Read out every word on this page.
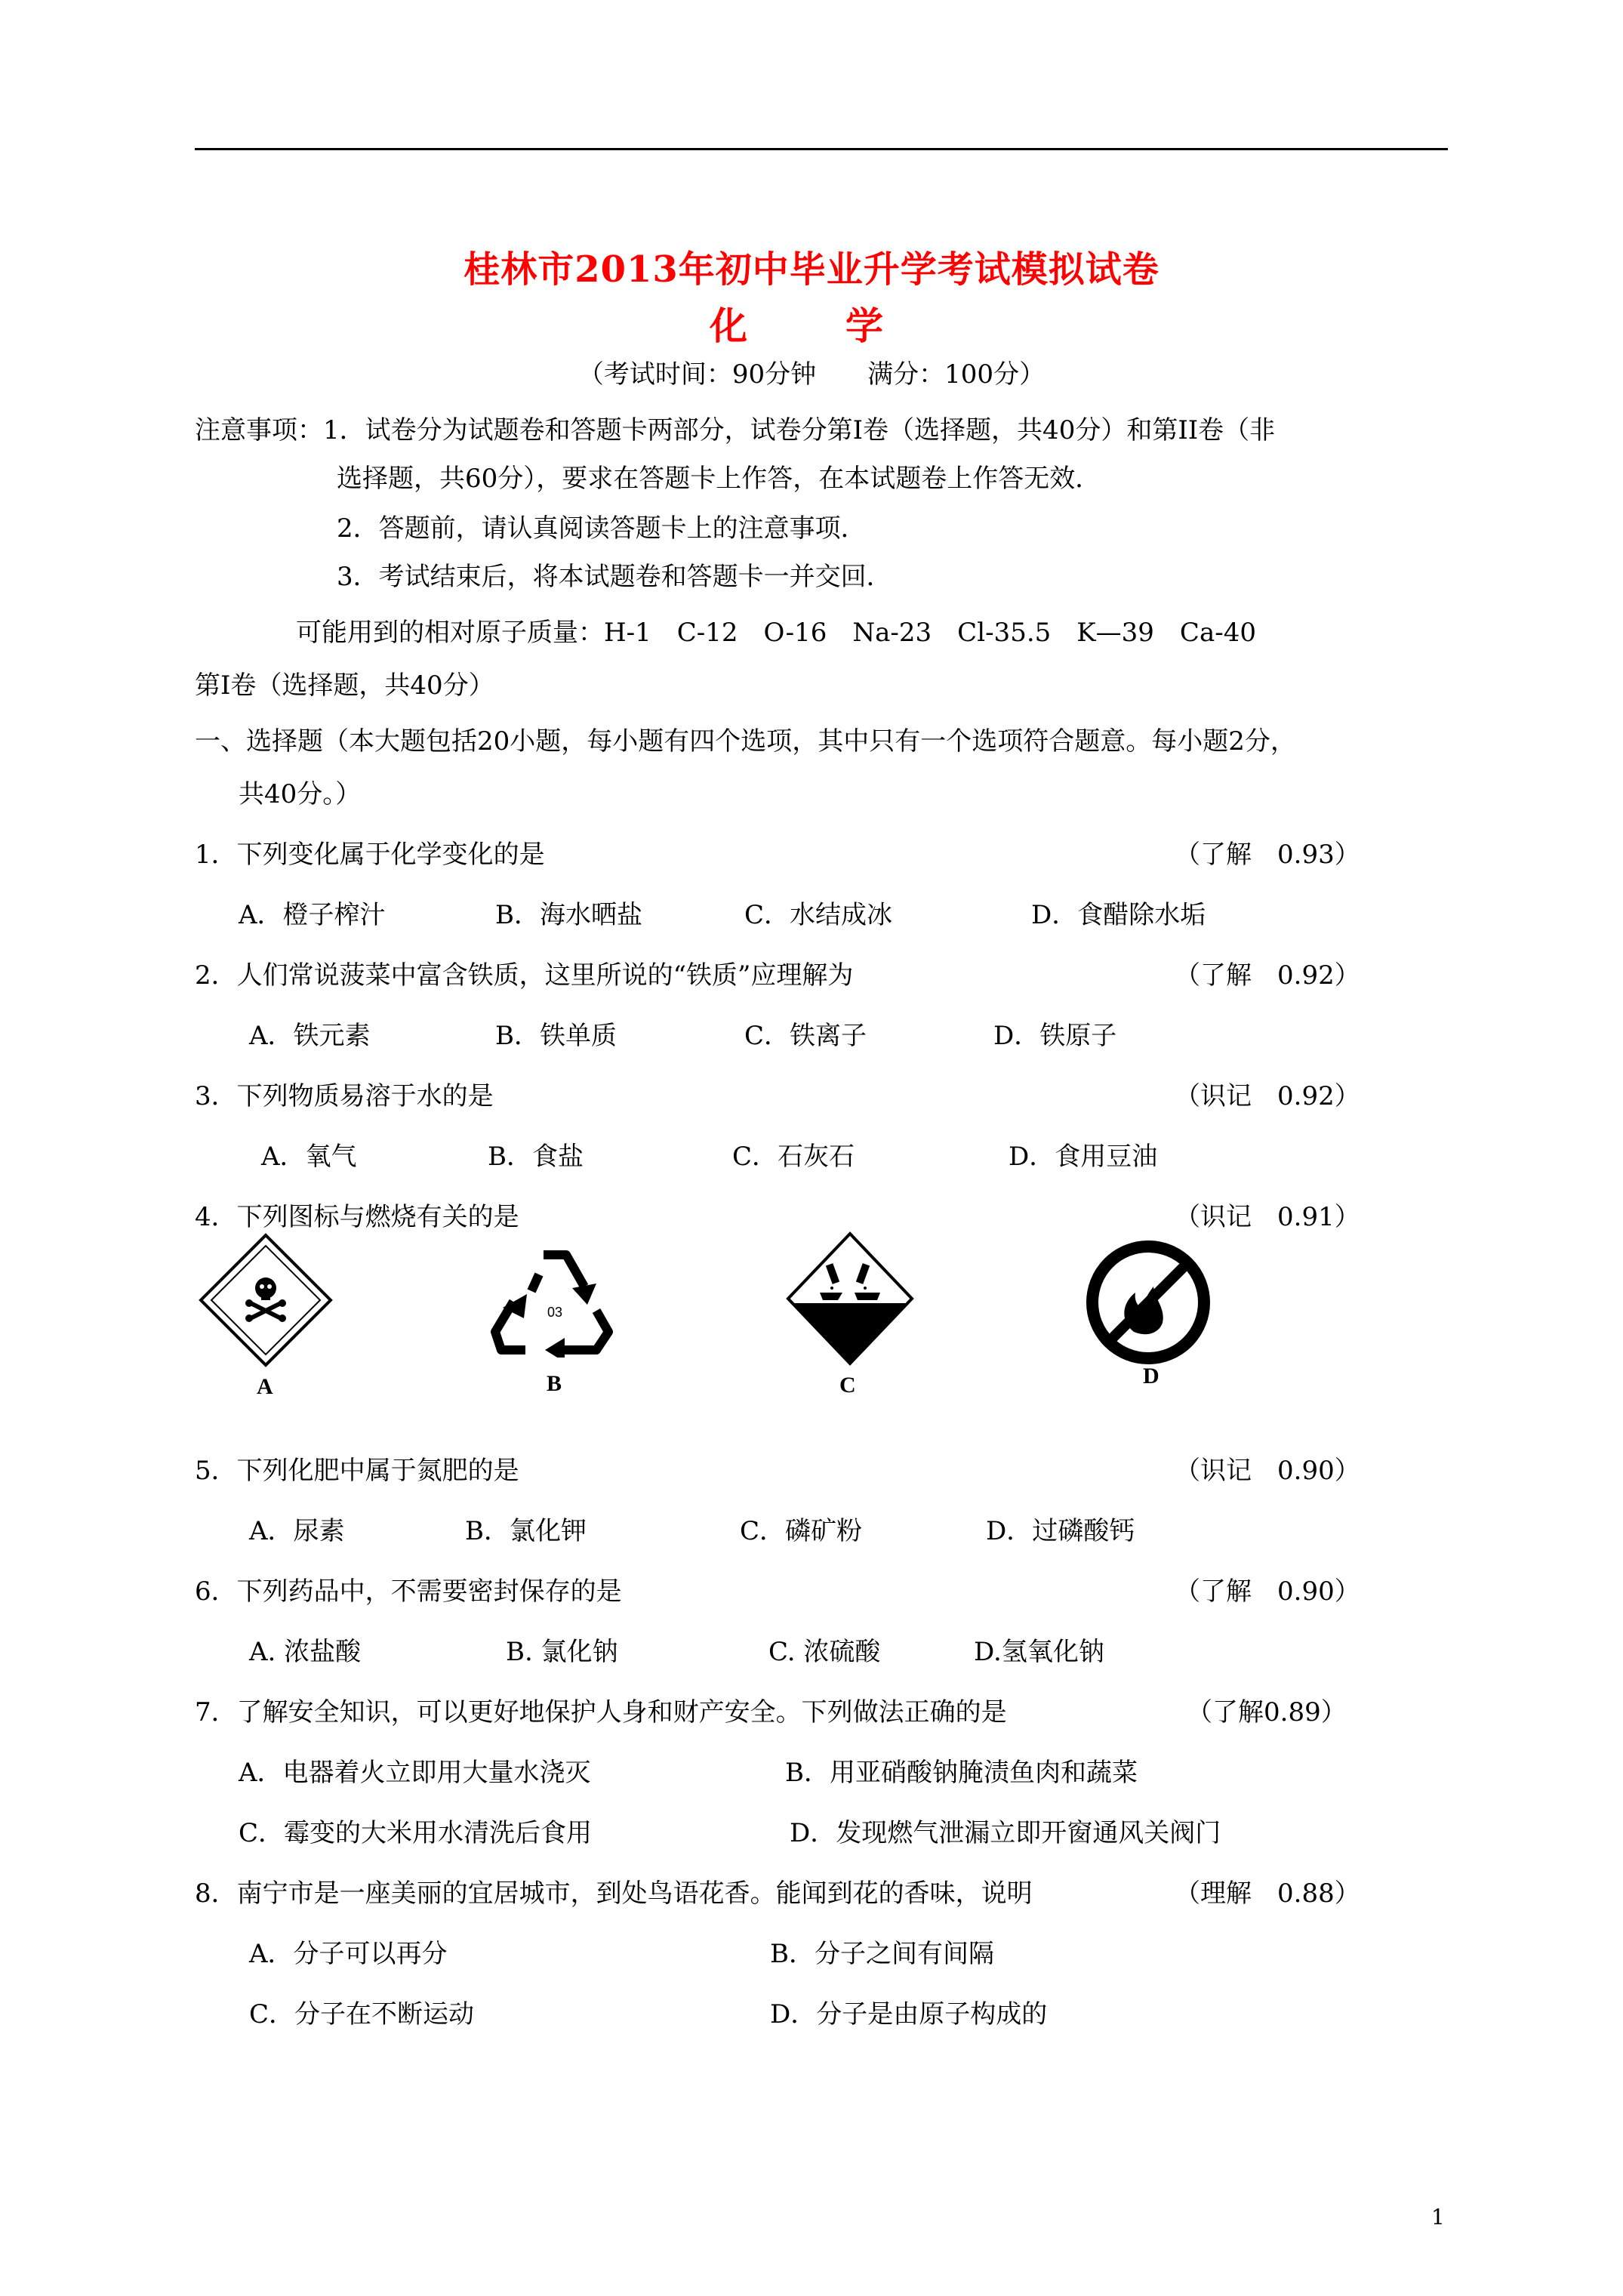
桂林市2013年初中毕业升学考试模拟试卷
化　学
（考试时间：90分钟　　满分：100分）
注意事项：1．试卷分为试题卷和答题卡两部分，试卷分第Ⅰ卷（选择题，共40分）和第II卷（非
选择题，共60分），要求在答题卡上作答，在本试题卷上作答无效．
2．答题前，请认真阅读答题卡上的注意事项．
3．考试结束后，将本试题卷和答题卡一并交回．
可能用到的相对原子质量：H-1　C-12　O-16　Na-23　Cl-35.5　K—39　Ca-40
第Ⅰ卷（选择题，共40分）
一、选择题（本大题包括20小题，每小题有四个选项，其中只有一个选项符合题意。每小题2分，
共40分。）
1．下列变化属于化学变化的是	（了解　0.93）
A．橙子榨汁	B．海水晒盐	C．水结成冰	D．食醋除水垢
2．人们常说菠菜中富含铁质，这里所说的“铁质”应理解为	（了解　0.92）
A．铁元素	B．铁单质	C．铁离子	D．铁原子
3．下列物质易溶于水的是	（识记　0.92）
A．氧气	B．食盐	C．石灰石	D．食用豆油
4．下列图标与燃烧有关的是	（识记　0.91）
A
03
B	C	D
5．下列化肥中属于氮肥的是	（识记　0.90）
A．尿素	B．氯化钾	C．磷矿粉	D．过磷酸钙
6．下列药品中，不需要密封保存的是	（了解　0.90）
A. 浓盐酸	B. 氯化钠	C. 浓硫酸	D.氢氧化钠
7．了解安全知识，可以更好地保护人身和财产安全。下列做法正确的是	（了解0.89）
A．电器着火立即用大量水浇灭	B．用亚硝酸钠腌渍鱼肉和蔬菜
C．霉变的大米用水清洗后食用	D．发现燃气泄漏立即开窗通风关阀门
8．南宁市是一座美丽的宜居城市，到处鸟语花香。能闻到花的香味，说明	（理解　0.88）
A．分子可以再分	B．分子之间有间隔
C．分子在不断运动	D．分子是由原子构成的
1
